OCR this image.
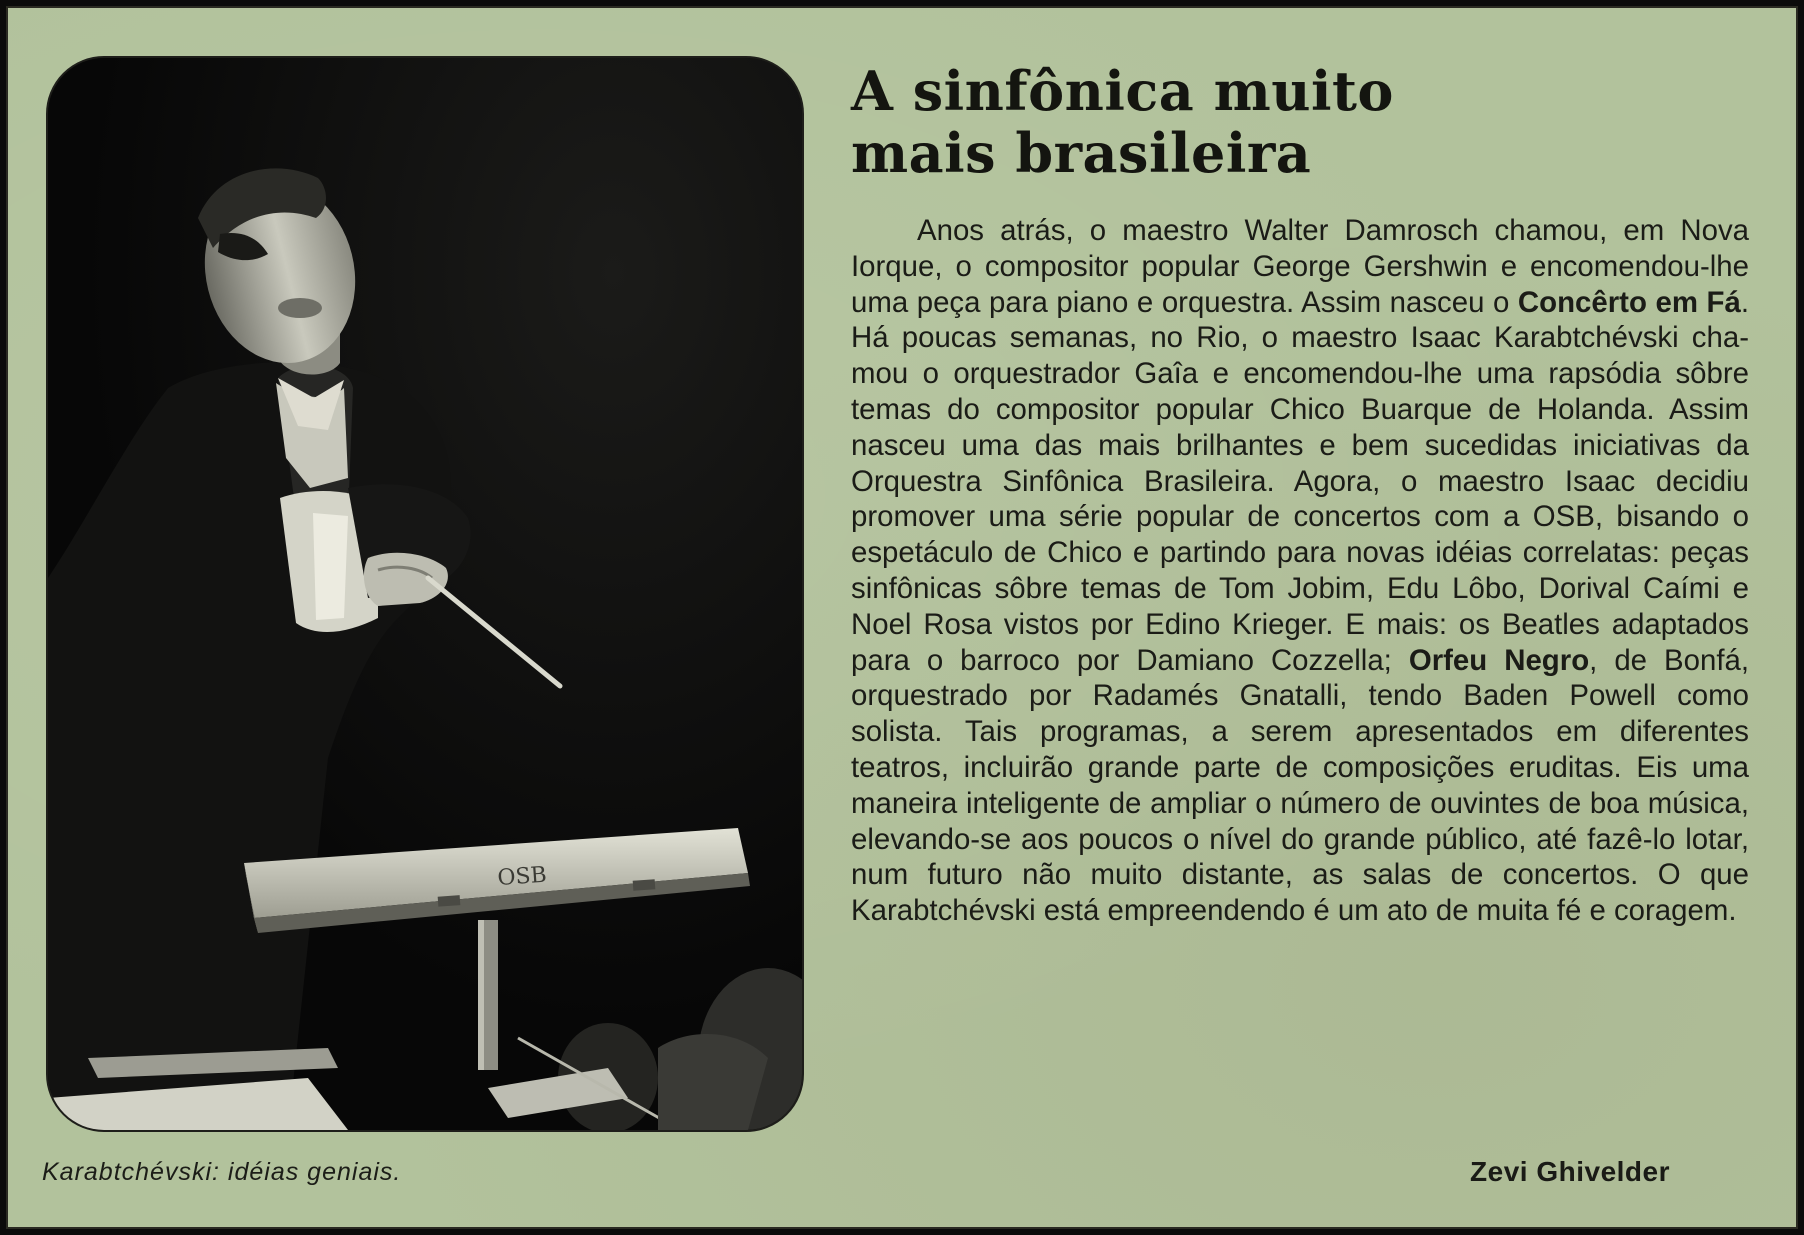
OSB
Karabtchévski: idéias geniais.
A sinfônica muito
mais brasileira

Anos atrás, o maestro Walter Damrosch chamou, em Nova Iorque, o compositor popular George Gershwin e encomendou-lhe uma peça para piano e orquestra. Assim nasceu o Concêrto em Fá. Há poucas semanas, no Rio, o maestro Isaac Karabtchévski chamou o orquestrador Gaîa e encomendou-lhe uma rapsódia sôbre temas do compositor popular Chico Buarque de Holanda. Assim nasceu uma das mais brilhantes e bem sucedidas iniciativas da Orquestra Sinfônica Brasileira. Agora, o maestro Isaac decidiu promover uma série popular de concertos com a OSB, bisando o espetáculo de Chico e partindo para novas idéias correlatas: peças sinfônicas sôbre temas de Tom Jobim, Edu Lôbo, Dorival Caími e Noel Rosa vistos por Edino Krieger. E mais: os Beatles adaptados para o barroco por Damiano Cozzella; Orfeu Negro, de Bonfá, orquestrado por Radamés Gnatalli, tendo Baden Powell como solista. Tais programas, a serem apresentados em diferentes teatros, incluirão grande parte de composições eruditas. Eis uma maneira inteligente de ampliar o número de ouvintes de boa música, elevando-se aos poucos o nível do grande público, até fazê-lo lotar, num futuro não muito distante, as salas de concertos. O que Karabtchévski está empreendendo é um ato de muita fé e coragem.

Zevi Ghivelder
